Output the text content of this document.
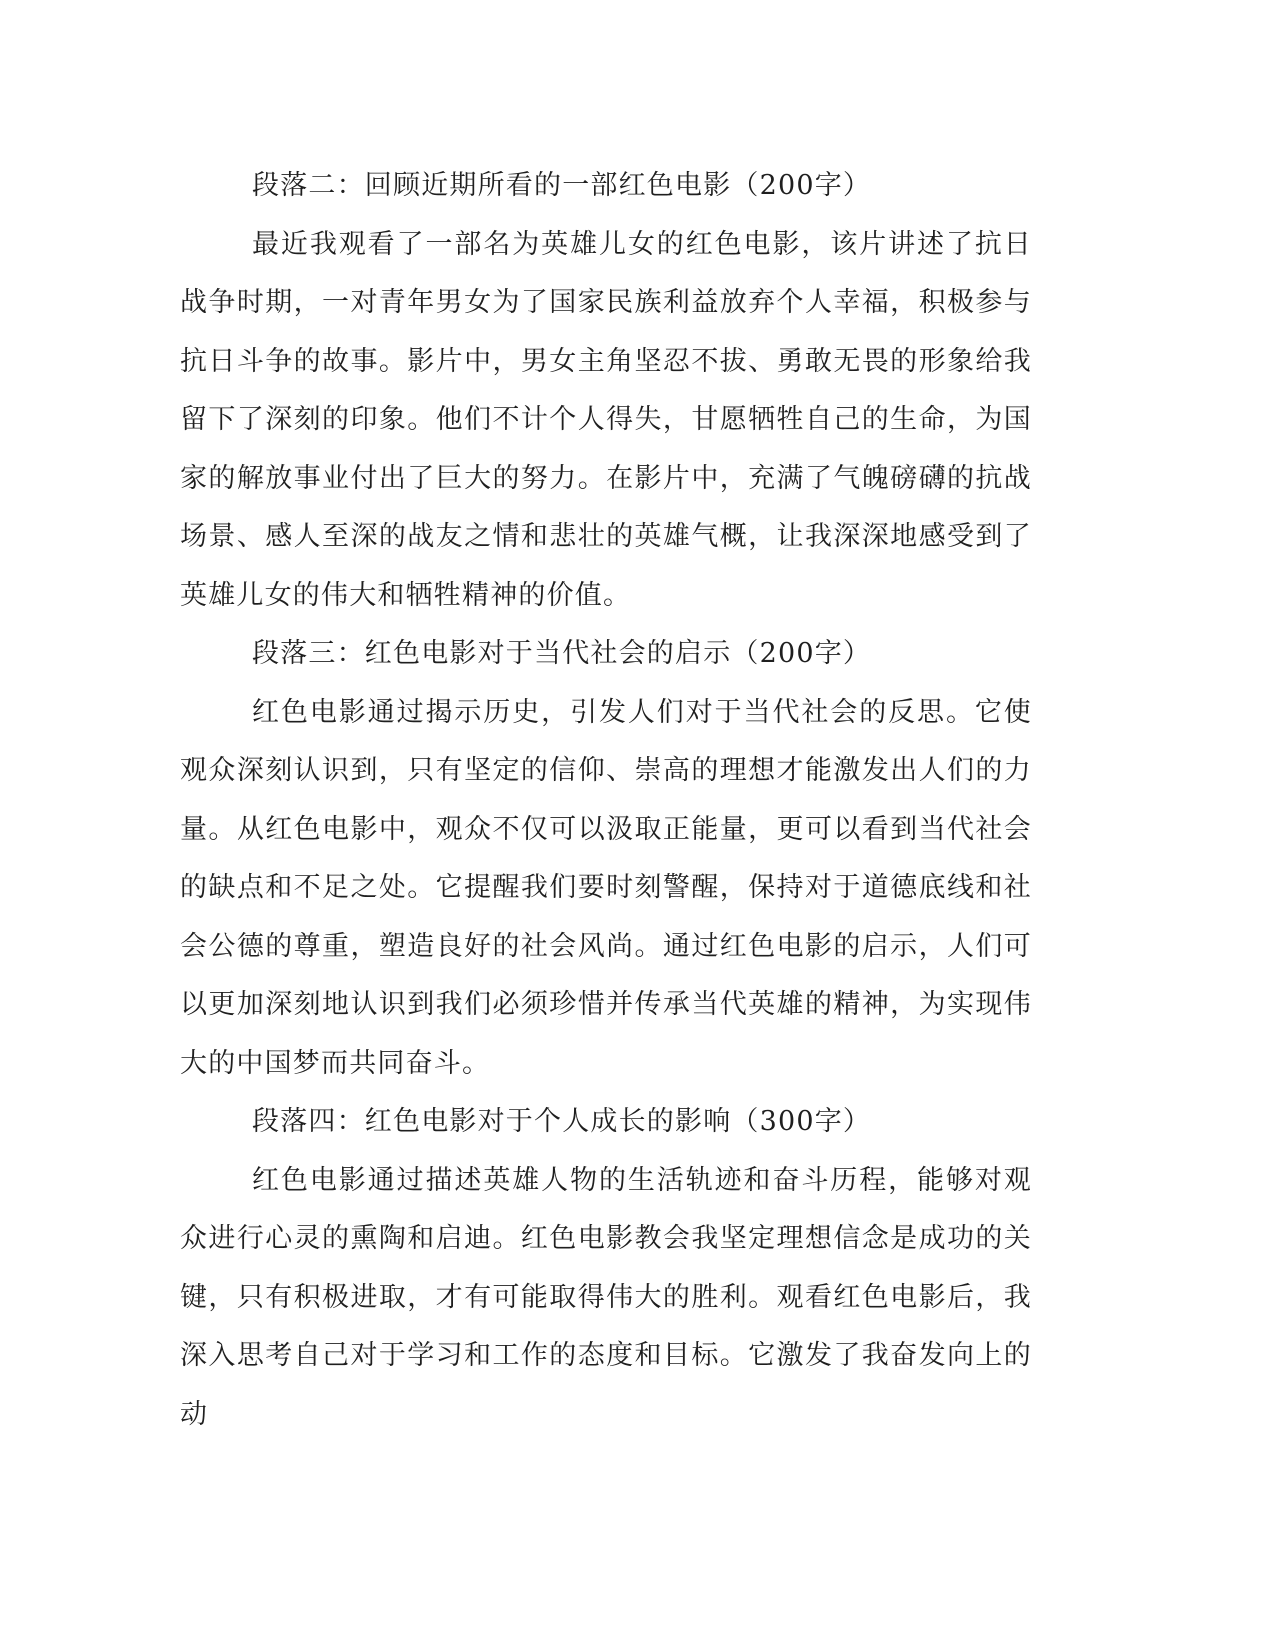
段落二：回顾近期所看的一部红色电影（200字）

最近我观看了一部名为英雄儿女的红色电影，该片讲述了抗日战争时期，一对青年男女为了国家民族利益放弃个人幸福，积极参与抗日斗争的故事。影片中，男女主角坚忍不拔、勇敢无畏的形象给我留下了深刻的印象。他们不计个人得失，甘愿牺牲自己的生命，为国家的解放事业付出了巨大的努力。在影片中，充满了气魄磅礴的抗战场景、感人至深的战友之情和悲壮的英雄气概，让我深深地感受到了英雄儿女的伟大和牺牲精神的价值。

段落三：红色电影对于当代社会的启示（200字）

红色电影通过揭示历史，引发人们对于当代社会的反思。它使观众深刻认识到，只有坚定的信仰、崇高的理想才能激发出人们的力量。从红色电影中，观众不仅可以汲取正能量，更可以看到当代社会的缺点和不足之处。它提醒我们要时刻警醒，保持对于道德底线和社会公德的尊重，塑造良好的社会风尚。通过红色电影的启示，人们可以更加深刻地认识到我们必须珍惜并传承当代英雄的精神，为实现伟大的中国梦而共同奋斗。

段落四：红色电影对于个人成长的影响（300字）

红色电影通过描述英雄人物的生活轨迹和奋斗历程，能够对观众进行心灵的熏陶和启迪。红色电影教会我坚定理想信念是成功的关键，只有积极进取，才有可能取得伟大的胜利。观看红色电影后，我深入思考自己对于学习和工作的态度和目标。它激发了我奋发向上的动
